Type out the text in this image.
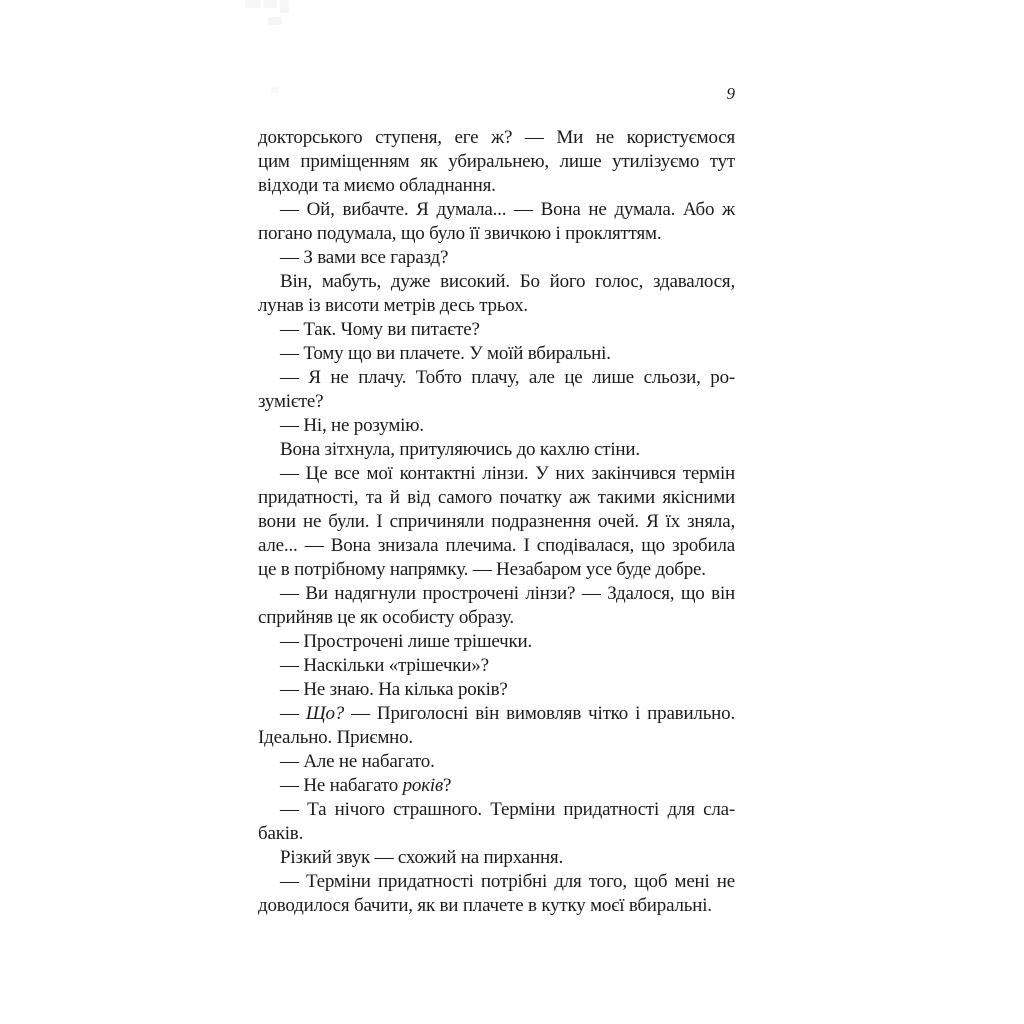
9
докторського ступеня, еге ж? — Ми не користуємося
цим приміщенням як убиральнею, лише утилізуємо тут
відходи та миємо обладнання.
— Ой, вибачте. Я думала... — Вона не думала. Або ж
погано подумала, що було її звичкою і прокляттям.
— З вами все гаразд?
Він, мабуть, дуже високий. Бо його голос, здавалося,
лунав із висоти метрів десь трьох.
— Так. Чому ви питаєте?
— Тому що ви плачете. У моїй вбиральні.
— Я не плачу. Тобто плачу, але це лише сльози, ро-
зумієте?
— Ні, не розумію.
Вона зітхнула, притуляючись до кахлю стіни.
— Це все мої контактні лінзи. У них закінчився термін
придатності, та й від самого початку аж такими якісними
вони не були. І спричиняли подразнення очей. Я їх зняла,
але... — Вона знизала плечима. І сподівалася, що зробила
це в потрібному напрямку. — Незабаром усе буде добре.
— Ви надягнули прострочені лінзи? — Здалося, що він
сприйняв це як особисту образу.
— Прострочені лише трішечки.
— Наскільки «трішечки»?
— Не знаю. На кілька років?
— Що? — Приголосні він вимовляв чітко і правильно.
Ідеально. Приємно.
— Але не набагато.
— Не набагато років?
— Та нічого страшного. Терміни придатності для сла-
баків.
Різкий звук — схожий на пирхання.
— Терміни придатності потрібні для того, щоб мені не
доводилося бачити, як ви плачете в кутку моєї вбиральні.
